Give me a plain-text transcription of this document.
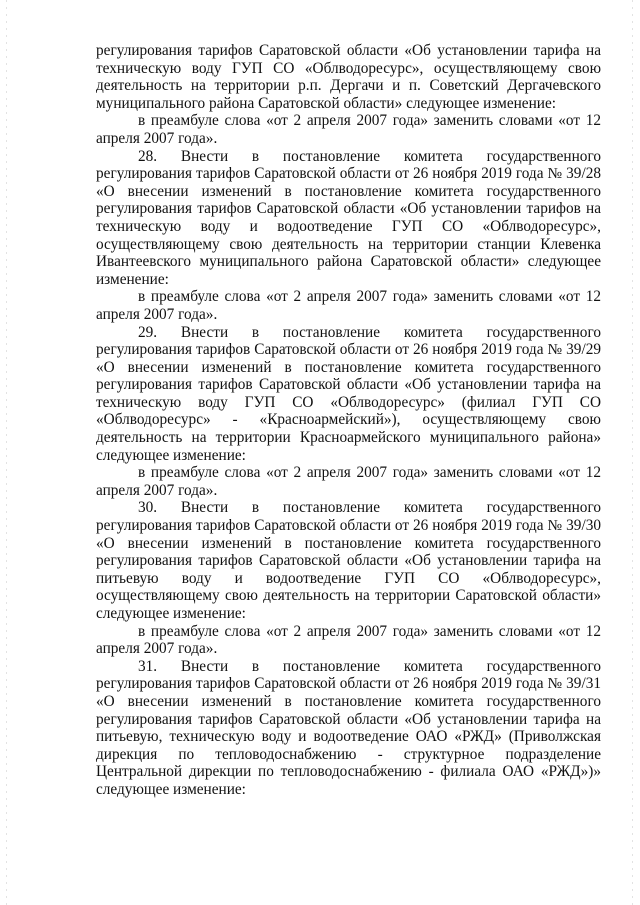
регулирования тарифов Саратовской области «Об установлении тарифа на
техническую воду ГУП СО «Облводоресурс», осуществляющему свою
деятельность на территории р.п. Дергачи и п. Советский Дергачевского
муниципального района Саратовской области» следующее изменение:
в преамбуле слова «от 2 апреля 2007 года» заменить словами «от 12
апреля 2007 года».
28. Внести в постановление комитета государственного
регулирования тарифов Саратовской области от 26 ноября 2019 года № 39/28
«О внесении изменений в постановление комитета государственного
регулирования тарифов Саратовской области «Об установлении тарифов на
техническую воду и водоотведение ГУП СО «Облводоресурс»,
осуществляющему свою деятельность на территории станции Клевенка
Ивантеевского муниципального района Саратовской области» следующее
изменение:
в преамбуле слова «от 2 апреля 2007 года» заменить словами «от 12
апреля 2007 года».
29. Внести в постановление комитета государственного
регулирования тарифов Саратовской области от 26 ноября 2019 года № 39/29
«О внесении изменений в постановление комитета государственного
регулирования тарифов Саратовской области «Об установлении тарифа на
техническую воду ГУП СО «Облводоресурс» (филиал ГУП СО
«Облводоресурс» - «Красноармейский»), осуществляющему свою
деятельность на территории Красноармейского муниципального района»
следующее изменение:
в преамбуле слова «от 2 апреля 2007 года» заменить словами «от 12
апреля 2007 года».
30. Внести в постановление комитета государственного
регулирования тарифов Саратовской области от 26 ноября 2019 года № 39/30
«О внесении изменений в постановление комитета государственного
регулирования тарифов Саратовской области «Об установлении тарифа на
питьевую воду и водоотведение ГУП СО «Облводоресурс»,
осуществляющему свою деятельность на территории Саратовской области»
следующее изменение:
в преамбуле слова «от 2 апреля 2007 года» заменить словами «от 12
апреля 2007 года».
31. Внести в постановление комитета государственного
регулирования тарифов Саратовской области от 26 ноября 2019 года № 39/31
«О внесении изменений в постановление комитета государственного
регулирования тарифов Саратовской области «Об установлении тарифа на
питьевую, техническую воду и водоотведение ОАО «РЖД» (Приволжская
дирекция по тепловодоснабжению - структурное подразделение
Центральной дирекции по тепловодоснабжению - филиала ОАО «РЖД»)»
следующее изменение:
